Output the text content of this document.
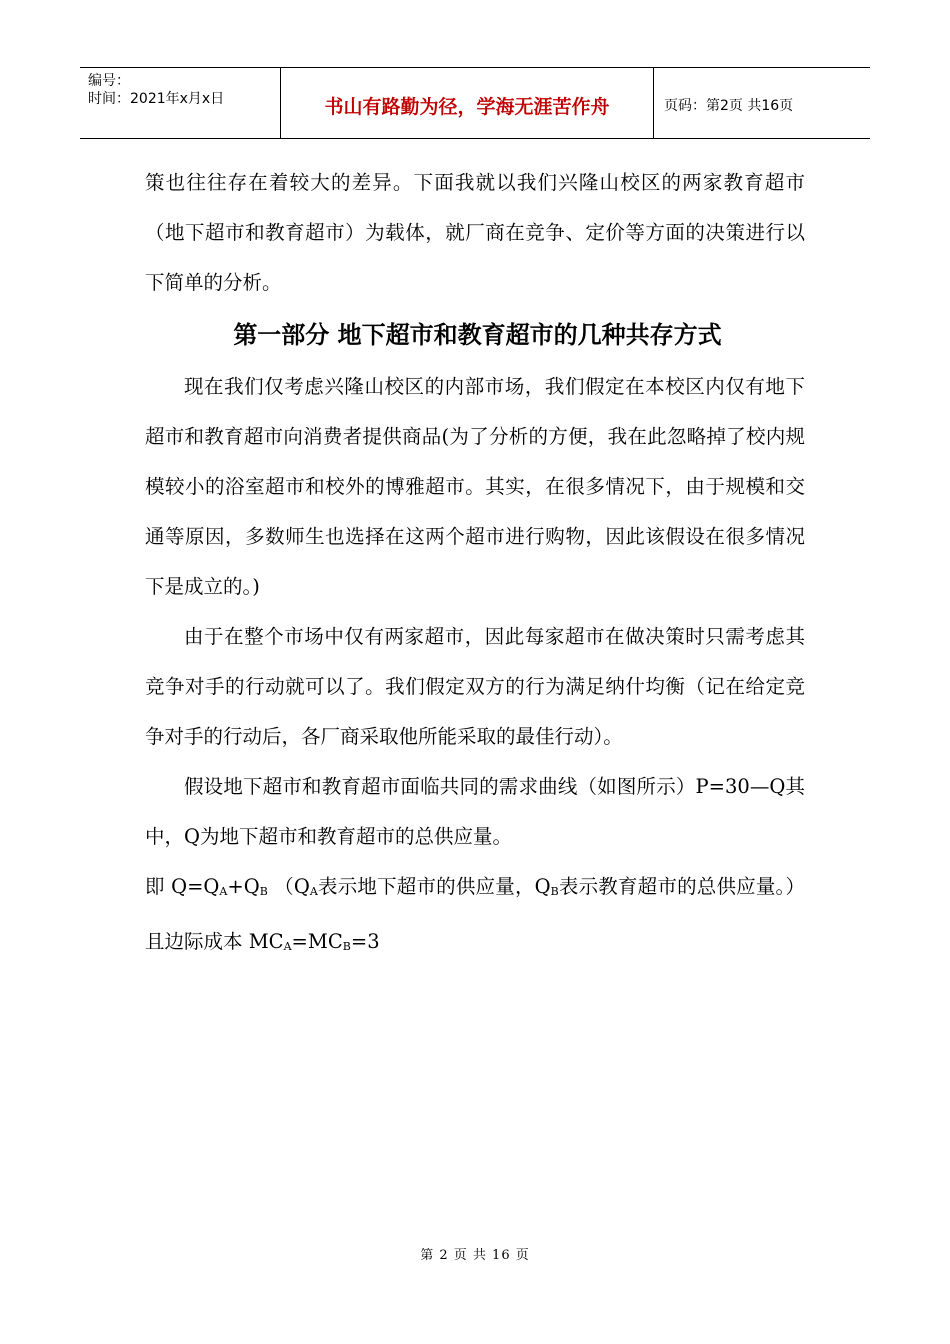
编号：
时间：2021年x月x日	书山有路勤为径，学海无涯苦作舟	页码：第2页 共16页

策也往往存在着较大的差异。下面我就以我们兴隆山校区的两家教育超市（地下超市和教育超市）为载体，就厂商在竞争、定价等方面的决策进行以下简单的分析。

第一部分 地下超市和教育超市的几种共存方式

现在我们仅考虑兴隆山校区的内部市场，我们假定在本校区内仅有地下超市和教育超市向消费者提供商品(为了分析的方便，我在此忽略掉了校内规模较小的浴室超市和校外的博雅超市。其实，在很多情况下，由于规模和交通等原因，多数师生也选择在这两个超市进行购物，因此该假设在很多情况下是成立的。)

由于在整个市场中仅有两家超市，因此每家超市在做决策时只需考虑其竞争对手的行动就可以了。我们假定双方的行为满足纳什均衡（记在给定竞争对手的行动后，各厂商采取他所能采取的最佳行动）。

假设地下超市和教育超市面临共同的需求曲线（如图所示）P=30—Q其中，Q为地下超市和教育超市的总供应量。

即 $Q=Q_A+Q_B$ （$Q_A$表示地下超市的供应量，$Q_B$表示教育超市的总供应量。）且边际成本 $MC_A=MC_B=3$

第 2 页 共 16 页
